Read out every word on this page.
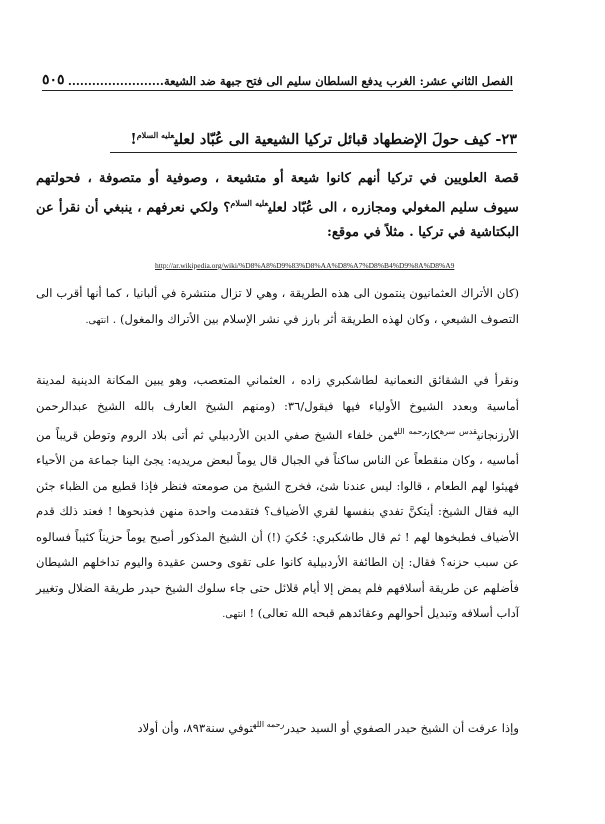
الفصل الثاني عشر: الغرب يدفع السلطان سليم الى فتح جبهة ضد الشيعة
........................
٥٠٥
٢٣- كيف حولَ الإضطهاد قبائل تركيا الشيعية الى عُبّاد لعلي$^{عليه السلام}$!
قصة العلويين في تركيا أنهم كانوا شيعة أو متشيعة ، وصوفية أو متصوفة ، فحولتهم سيوف سليم المغولي ومجازره ، الى عُبّاد لعلي$^{عليه السلام}$؟ ولكي نعرفهم ، ينبغي أن نقرأ عن البكتاشية في تركيا . مثلاً في موقع:
http://ar.wikipedia.org/wiki/%D8%A8%D9%83%D8%AA%D8%A7%D8%B4%D9%8A%D8%A9
(كان الأتراك العثمانيون ينتمون الى هذه الطريقة ، وهي لا تزال منتشرة في ألبانيا ، كما أنها أقرب الى التصوف الشيعي ، وكان لهذه الطريقة أثر بارز في نشر الإسلام بين الأتراك والمغول) . انتهى.
ونقرأ في الشقائق النعمانية لطاشكبري زاده ، العثماني المتعصب، وهو يبين المكانة الدينية لمدينة أماسية وبعدد الشيوخ الأولياء فيها فيقول/٣٦: (ومنهم الشيخ العارف بالله الشيخ عبدالرحمن الأرزنجاني$^{قدس سره}$كان$^{رحمه الله}$من خلفاء الشيخ صفي الدين الأردبيلي ثم أتى بلاد الروم وتوطن قريباً من أماسيه ، وكان منقطعاً عن الناس ساكناً في الجبال قال يوماً لبعض مريديه: يجئ الينا جماعة من الأحياء فهيئوا لهم الطعام ، قالوا: ليس عندنا شئ، فخرج الشيخ من صومعته فنظر فإذا قطيع من الظباء جئن اليه فقال الشيخ: أيتكنَّ تفدي بنفسها لقري الأضياف؟ فتقدمت واحدة منهن فذبحوها ! فعند ذلك قدم الأضياف فطبخوها لهم ! ثم قال طاشكبري: حُكيَ (!) أن الشيخ المذكور أصبح يوماً حزيناً كئيباً فسالوه عن سبب حزنه؟ فقال: إن الطائفة الأردبيلية كانوا على تقوى وحسن عقيدة واليوم تداخلهم الشيطان فأضلهم عن طريقة أسلافهم فلم يمض إلا أيام قلائل حتى جاء سلوك الشيخ حيدر طريقة الضلال وتغيير آداب أسلافه وتبديل أحوالهم وعقائدهم قبحه الله تعالى) ! انتهى.
وإذا عرفت أن الشيخ حيدر الصفوي أو السيد حيدر$^{رحمه الله}$توفي سنة٨٩٣، وأن أولاد
